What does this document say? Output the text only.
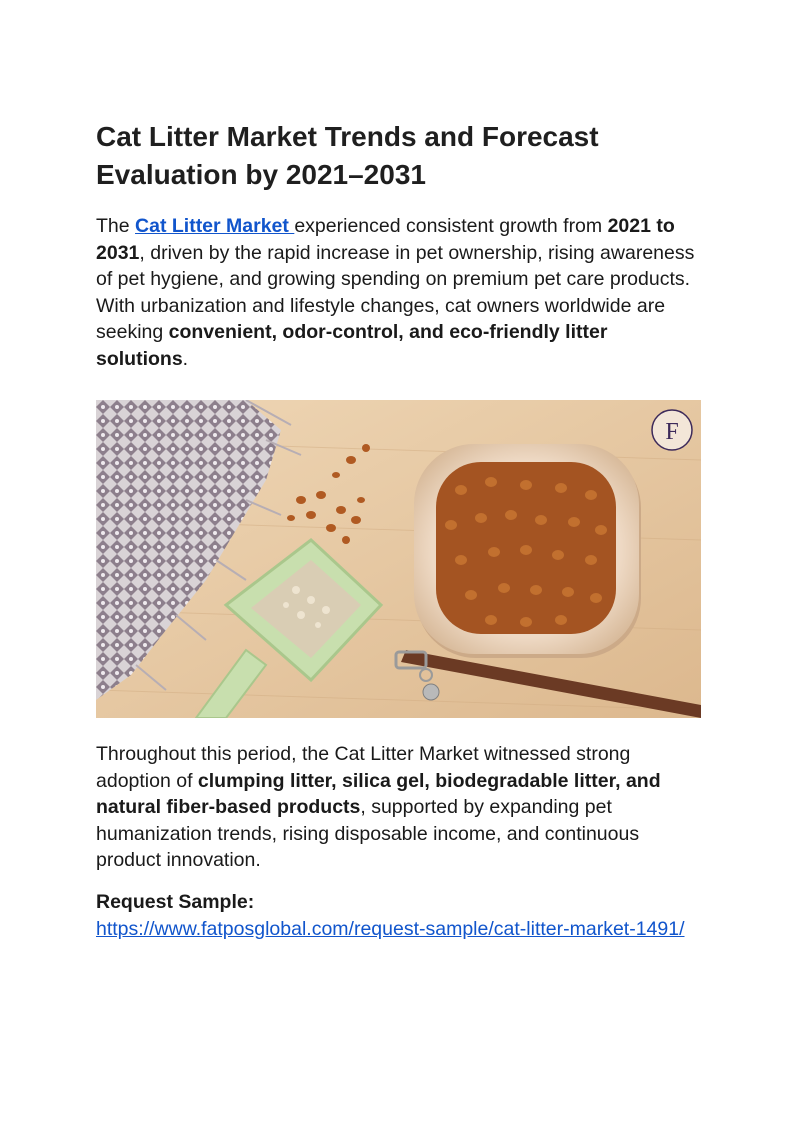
Cat Litter Market Trends and Forecast Evaluation by 2021–2031

The Cat Litter Market experienced consistent growth from 2021 to 2031, driven by the rapid increase in pet ownership, rising awareness of pet hygiene, and growing spending on premium pet care products. With urbanization and lifestyle changes, cat owners worldwide are seeking convenient, odor-control, and eco-friendly litter solutions.

F

Throughout this period, the Cat Litter Market witnessed strong adoption of clumping litter, silica gel, biodegradable litter, and natural fiber-based products, supported by expanding pet humanization trends, rising disposable income, and continuous product innovation.

Request Sample:
https://www.fatposglobal.com/request-sample/cat-litter-market-1491/
